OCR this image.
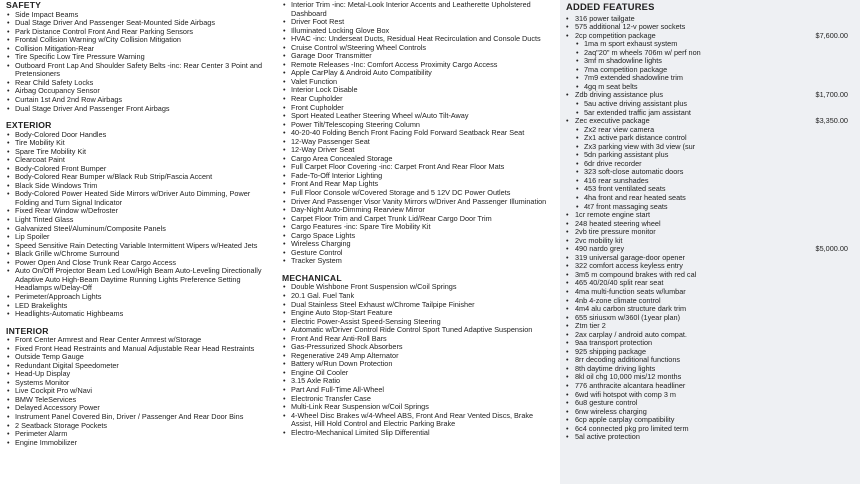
SAFETY
• Side Impact Beams
• Dual Stage Driver And Passenger Seat-Mounted Side Airbags
• Park Distance Control Front And Rear Parking Sensors
• Frontal Collision Warning w/City Collision Mitigation
• Collision Mitigation-Rear
• Tire Specific Low Tire Pressure Warning
• Outboard Front Lap And Shoulder Safety Belts -inc: Rear Center 3 Point and Pretensioners
• Rear Child Safety Locks
• Airbag Occupancy Sensor
• Curtain 1st And 2nd Row Airbags
• Dual Stage Driver And Passenger Front Airbags
EXTERIOR
• Body-Colored Door Handles
• Tire Mobility Kit
• Spare Tire Mobility Kit
• Clearcoat Paint
• Body-Colored Front Bumper
• Body-Colored Rear Bumper w/Black Rub Strip/Fascia Accent
• Black Side Windows Trim
• Body-Colored Power Heated Side Mirrors w/Driver Auto Dimming, Power Folding and Turn Signal Indicator
• Fixed Rear Window w/Defroster
• Light Tinted Glass
• Galvanized Steel/Aluminum/Composite Panels
• Lip Spoiler
• Speed Sensitive Rain Detecting Variable Intermittent Wipers w/Heated Jets
• Black Grille w/Chrome Surround
• Power Open And Close Trunk Rear Cargo Access
• Auto On/Off Projector Beam Led Low/High Beam Auto-Leveling Directionally Adaptive Auto High-Beam Daytime Running Lights Preference Setting Headlamps w/Delay-Off
• Perimeter/Approach Lights
• LED Brakelights
• Headlights-Automatic Highbeams
INTERIOR
• Front Center Armrest and Rear Center Armrest w/Storage
• Fixed Front Head Restraints and Manual Adjustable Rear Head Restraints
• Outside Temp Gauge
• Redundant Digital Speedometer
• Head-Up Display
• Systems Monitor
• Live Cockpit Pro w/Navi
• BMW TeleServices
• Delayed Accessory Power
• Instrument Panel Covered Bin, Driver / Passenger And Rear Door Bins
• 2 Seatback Storage Pockets
• Perimeter Alarm
• Engine Immobilizer
• Interior Trim -inc: Metal-Look Interior Accents and Leatherette Upholstered Dashboard
• Driver Foot Rest
• Illuminated Locking Glove Box
• HVAC -inc: Underseat Ducts, Residual Heat Recirculation and Console Ducts
• Cruise Control w/Steering Wheel Controls
• Garage Door Transmitter
• Remote Releases -Inc: Comfort Access Proximity Cargo Access
• Apple CarPlay & Android Auto Compatibility
• Valet Function
• Interior Lock Disable
• Rear Cupholder
• Front Cupholder
• Sport Heated Leather Steering Wheel w/Auto Tilt-Away
• Power Tilt/Telescoping Steering Column
• 40-20-40 Folding Bench Front Facing Fold Forward Seatback Rear Seat
• 12-Way Passenger Seat
• 12-Way Driver Seat
• Cargo Area Concealed Storage
• Full Carpet Floor Covering -inc: Carpet Front And Rear Floor Mats
• Fade-To-Off Interior Lighting
• Front And Rear Map Lights
• Full Floor Console w/Covered Storage and 5 12V DC Power Outlets
• Driver And Passenger Visor Vanity Mirrors w/Driver And Passenger Illumination
• Day-Night Auto-Dimming Rearview Mirror
• Carpet Floor Trim and Carpet Trunk Lid/Rear Cargo Door Trim
• Cargo Features -inc: Spare Tire Mobility Kit
• Cargo Space Lights
• Wireless Charging
• Gesture Control
• Tracker System
MECHANICAL
• Double Wishbone Front Suspension w/Coil Springs
• 20.1 Gal. Fuel Tank
• Dual Stainless Steel Exhaust w/Chrome Tailpipe Finisher
• Engine Auto Stop-Start Feature
• Electric Power-Assist Speed-Sensing Steering
• Automatic w/Driver Control Ride Control Sport Tuned Adaptive Suspension
• Front And Rear Anti-Roll Bars
• Gas-Pressurized Shock Absorbers
• Regenerative 249 Amp Alternator
• Battery w/Run Down Protection
• Engine Oil Cooler
• 3.15 Axle Ratio
• Part And Full-Time All-Wheel
• Electronic Transfer Case
• Multi-Link Rear Suspension w/Coil Springs
• 4-Wheel Disc Brakes w/4-Wheel ABS, Front And Rear Vented Discs, Brake Assist, Hill Hold Control and Electric Parking Brake
• Electro-Mechanical Limited Slip Differential
ADDED FEATURES
• 316 power tailgate
• 575 additional 12-v power sockets
• 2cp competition package	$7,600.00
• 1ma m sport exhaust system
• 2aq"20" m wheels 706m w/ perf non
• 3mf m shadowline lights
• 7ma competition package
• 7m9 extended shadowline trim
• 4gq m seat belts
• Zdb driving assistance plus	$1,700.00
• 5au active driving assistant plus
• 5ar extended traffic jam assistant
• Zec executive package	$3,350.00
• Zx2 rear view camera
• Zx1 active park distance control
• Zx3 parking view with 3d view (sur
• 5dn parking assistant plus
• 6dr drive recorder
• 323 soft-close automatic doors
• 416 rear sunshades
• 453 front ventilated seats
• 4ha front and rear heated seats
• 4t7 front massaging seats
• 1cr remote engine start
• 248 heated steering wheel
• 2vb tire pressure monitor
• 2vc mobility kit
• 490 nardo grey	$5,000.00
• 319 universal garage-door opener
• 322 comfort access keyless entry
• 3m5 m compound brakes with red cal
• 465 40/20/40 split rear seat
• 4ma multi-function seats w/lumbar
• 4nb 4-zone climate control
• 4m4 alu carbon structure dark trim
• 655 siriusxm w/360l (1year plan)
• Ztm tier 2
• 2ax carplay / android auto compat.
• 9aa transport protection
• 925 shipping package
• 8rr decoding additional functions
• 8th daytime driving lights
• 8kl oil chg 10,000 mis/12 months
• 776 anthracite alcantara headliner
• 6wd wifi hotspot with comp 3 m
• 6u8 gesture control
• 6nw wireless charging
• 6cp apple carplay compatibility
• 6c4 connected pkg pro limited term
• 5al active protection
